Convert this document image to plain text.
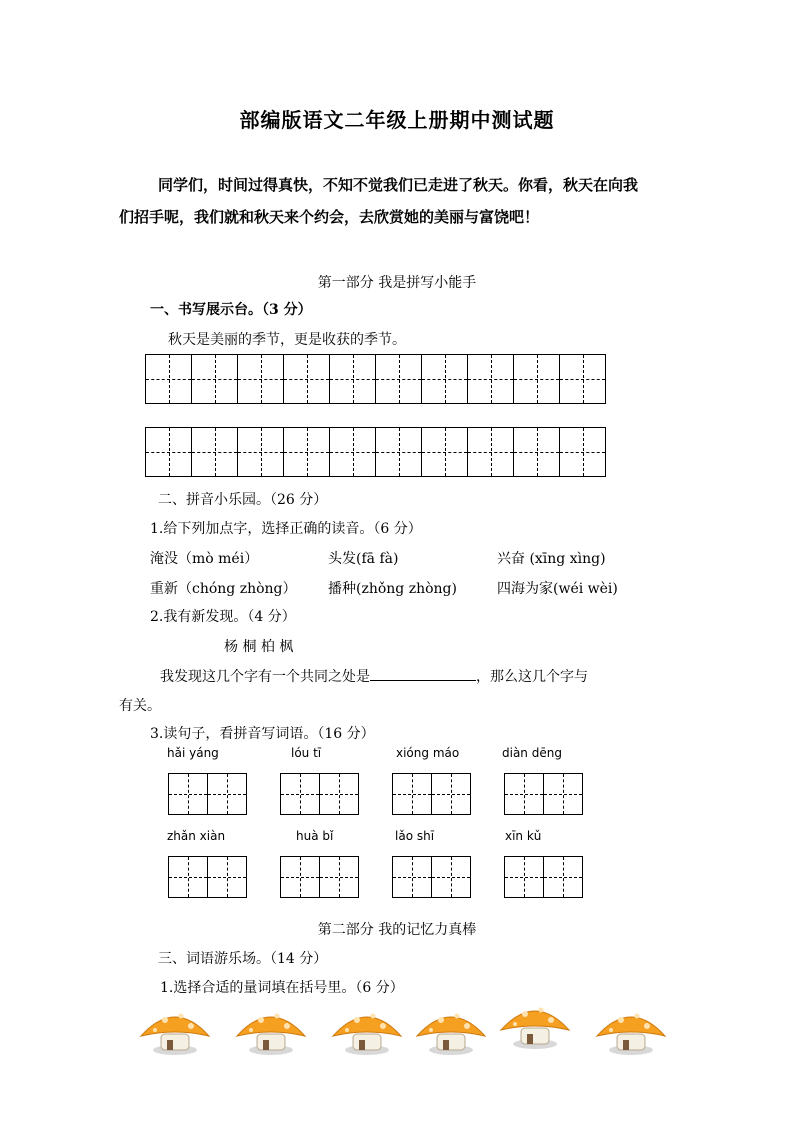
部编版语文二年级上册期中测试题
同学们，时间过得真快，不知不觉我们已走进了秋天。你看，秋天在向我
们招手呢，我们就和秋天来个约会，去欣赏她的美丽与富饶吧！
第一部分 我是拼写小能手
一、书写展示台。（3 分）
秋天是美丽的季节，更是收获的季节。
二、拼音小乐园。（26 分）
1.给下列加点字，选择正确的读音。（6 分）
淹没（mò méi）	头发(fā fà)	兴奋 (xīng xìng)
重新（chóng zhòng） 播种(zhǒng zhòng)	四海为家(wéi wèi)
2.我有新发现。（4 分）
杨 桐 柏 枫
我发现这几个字有一个共同之处是	，那么这几个字与
有关。
3.读句子，看拼音写词语。（16 分）
hǎi yáng	lóu tī	xióng máo	diàn dēng
zhǎn xiàn	huà bǐ	lǎo shī	xīn kǔ
第二部分 我的记忆力真棒
三、词语游乐场。（14 分）
1.选择合适的量词填在括号里。（6 分）
